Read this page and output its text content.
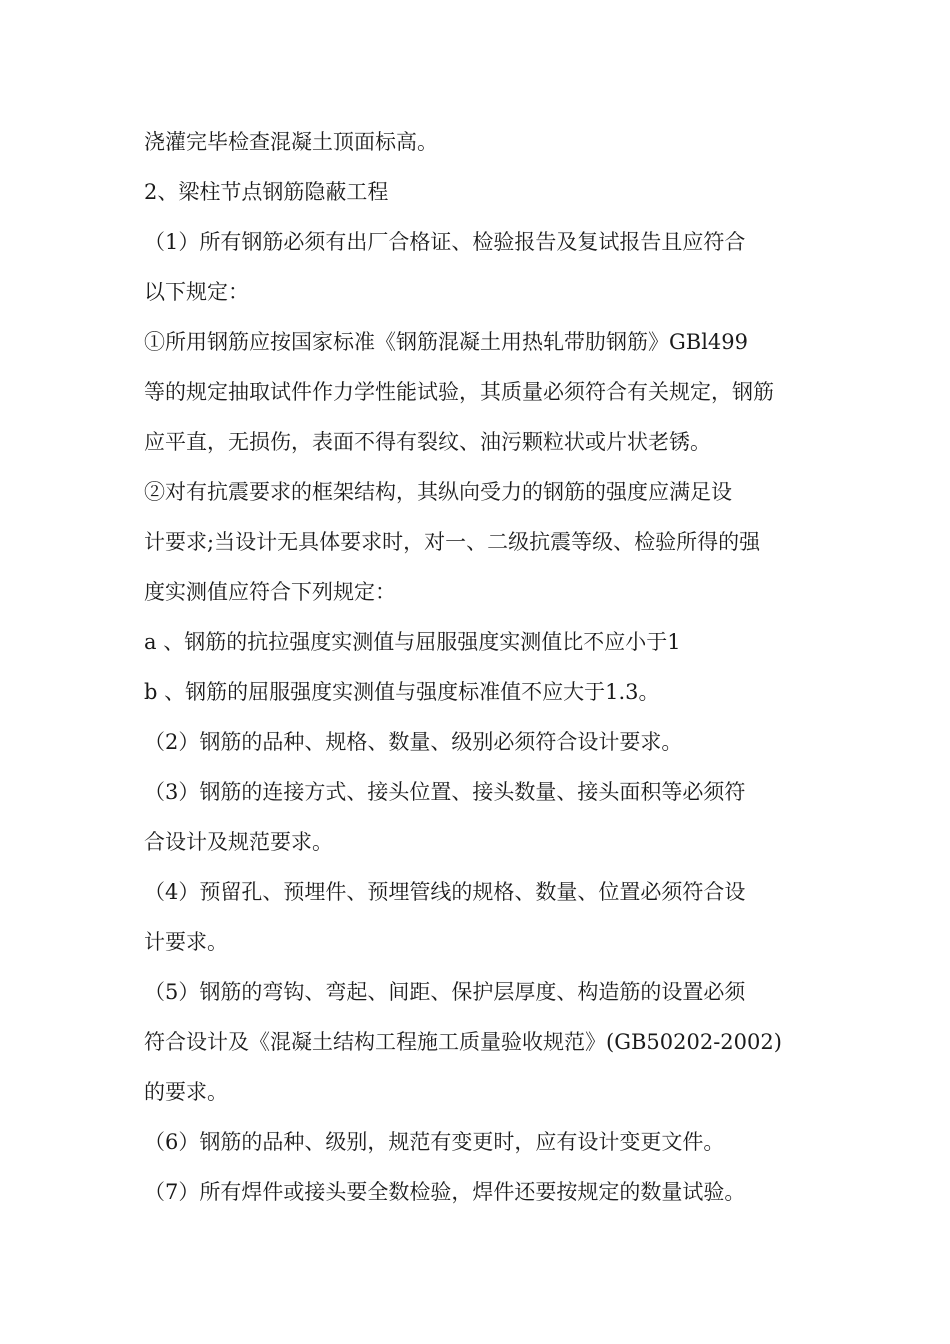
浇灌完毕检查混凝土顶面标高。
2、梁柱节点钢筋隐蔽工程
（1）所有钢筋必须有出厂合格证、检验报告及复试报告且应符合
以下规定：
①所用钢筋应按国家标准《钢筋混凝土用热轧带肋钢筋》GBl499
等的规定抽取试件作力学性能试验，其质量必须符合有关规定，钢筋
应平直，无损伤，表面不得有裂纹、油污颗粒状或片状老锈。
②对有抗震要求的框架结构，其纵向受力的钢筋的强度应满足设
计要求;当设计无具体要求时，对一、二级抗震等级、检验所得的强
度实测值应符合下列规定：
a 、钢筋的抗拉强度实测值与屈服强度实测值比不应小于1
b 、钢筋的屈服强度实测值与强度标准值不应大于1.3。
（2）钢筋的品种、规格、数量、级别必须符合设计要求。
（3）钢筋的连接方式、接头位置、接头数量、接头面积等必须符
合设计及规范要求。
（4）预留孔、预埋件、预埋管线的规格、数量、位置必须符合设
计要求。
（5）钢筋的弯钩、弯起、间距、保护层厚度、构造筋的设置必须
符合设计及《混凝土结构工程施工质量验收规范》(GB50202-2002)
的要求。
（6）钢筋的品种、级别，规范有变更时，应有设计变更文件。
（7）所有焊件或接头要全数检验，焊件还要按规定的数量试验。
